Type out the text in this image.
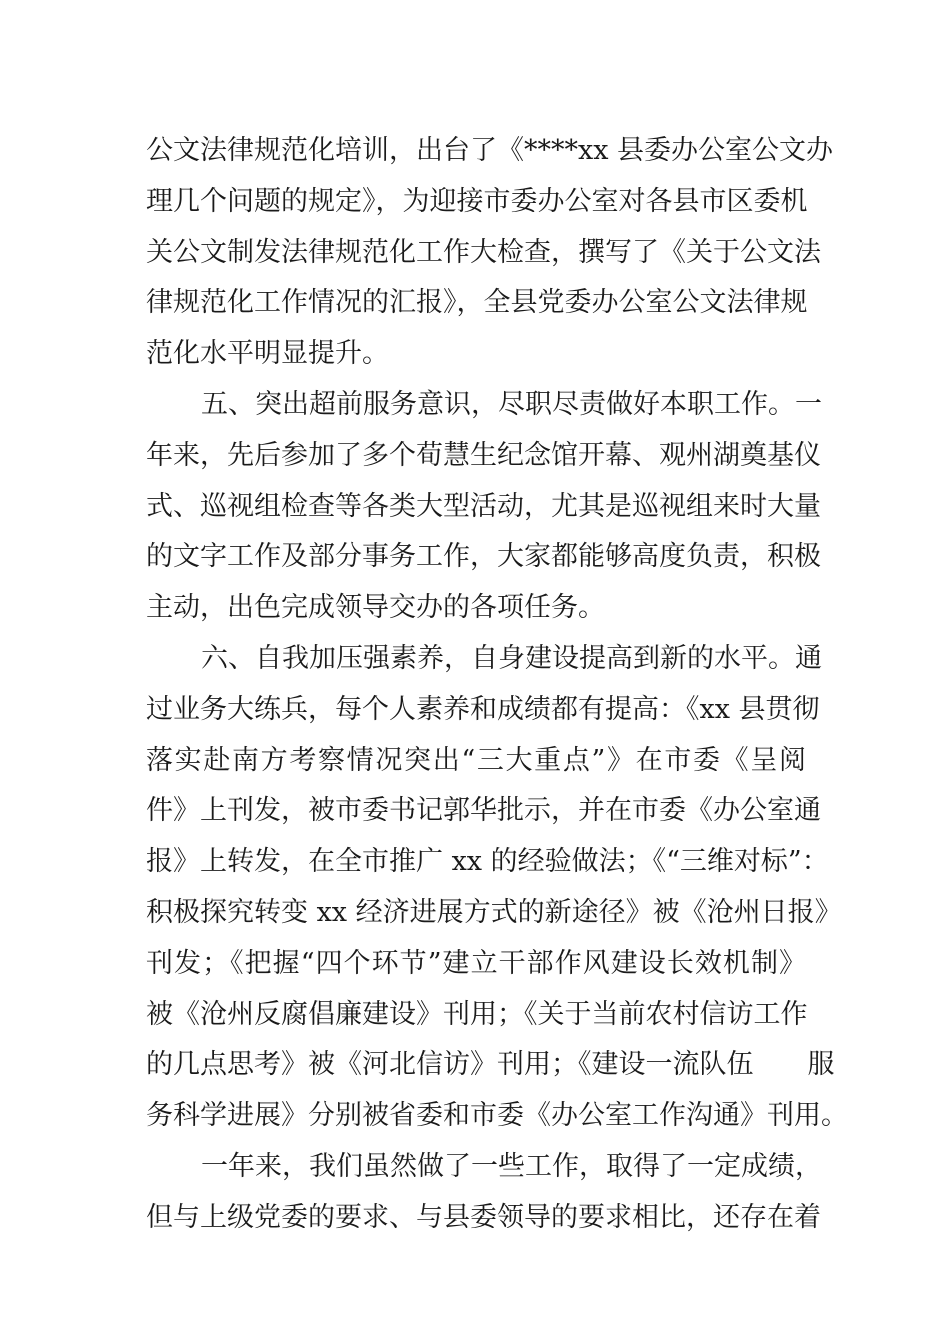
公文法律规范化培训，出台了《****xx 县委办公室公文办
理几个问题的规定》，为迎接市委办公室对各县市区委机
关公文制发法律规范化工作大检查，撰写了《关于公文法
律规范化工作情况的汇报》，全县党委办公室公文法律规
范化水平明显提升。
五、突出超前服务意识，尽职尽责做好本职工作。一
年来，先后参加了多个荀慧生纪念馆开幕、观州湖奠基仪
式、巡视组检查等各类大型活动，尤其是巡视组来时大量
的文字工作及部分事务工作，大家都能够高度负责，积极
主动，出色完成领导交办的各项任务。
六、自我加压强素养，自身建设提高到新的水平。通
过业务大练兵，每个人素养和成绩都有提高：《xx 县贯彻
落实赴南方考察情况突出“三大重点”》在市委《呈阅
件》上刊发，被市委书记郭华批示，并在市委《办公室通
报》上转发，在全市推广 xx 的经验做法；《“三维对标”：
积极探究转变 xx 经济进展方式的新途径》被《沧州日报》
刊发；《把握“四个环节”建立干部作风建设长效机制》
被《沧州反腐倡廉建设》刊用；《关于当前农村信访工作
的几点思考》被《河北信访》刊用；《建设一流队伍　　服
务科学进展》分别被省委和市委《办公室工作沟通》刊用。
一年来，我们虽然做了一些工作，取得了一定成绩，
但与上级党委的要求、与县委领导的要求相比，还存在着
